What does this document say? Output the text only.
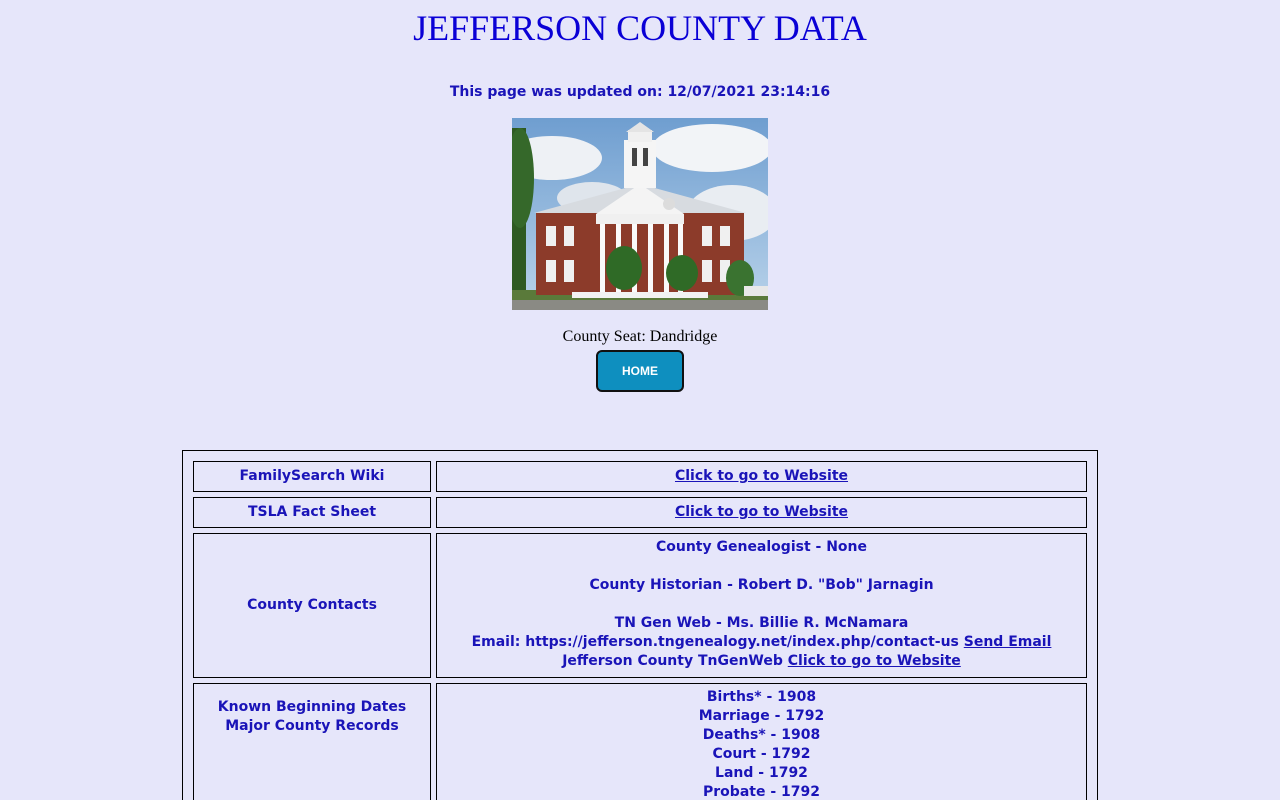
JEFFERSON COUNTY DATA
This page was updated on: 12/07/2021 23:14:16
County Seat: Dandridge
HOME
FamilySearch Wiki	Click to go to Website
TSLA Fact Sheet	Click to go to Website
County Contacts
County Genealogist - None
County Historian - Robert D. "Bob" Jarnagin
TN Gen Web - Ms. Billie R. McNamara
Email: https://jefferson.tngenealogy.net/index.php/contact-us Send Email
Jefferson County TnGenWeb Click to go to Website
Known Beginning Dates
Major County Records
Births* - 1908
Marriage - 1792
Deaths* - 1908
Court - 1792
Land - 1792
Probate - 1792
